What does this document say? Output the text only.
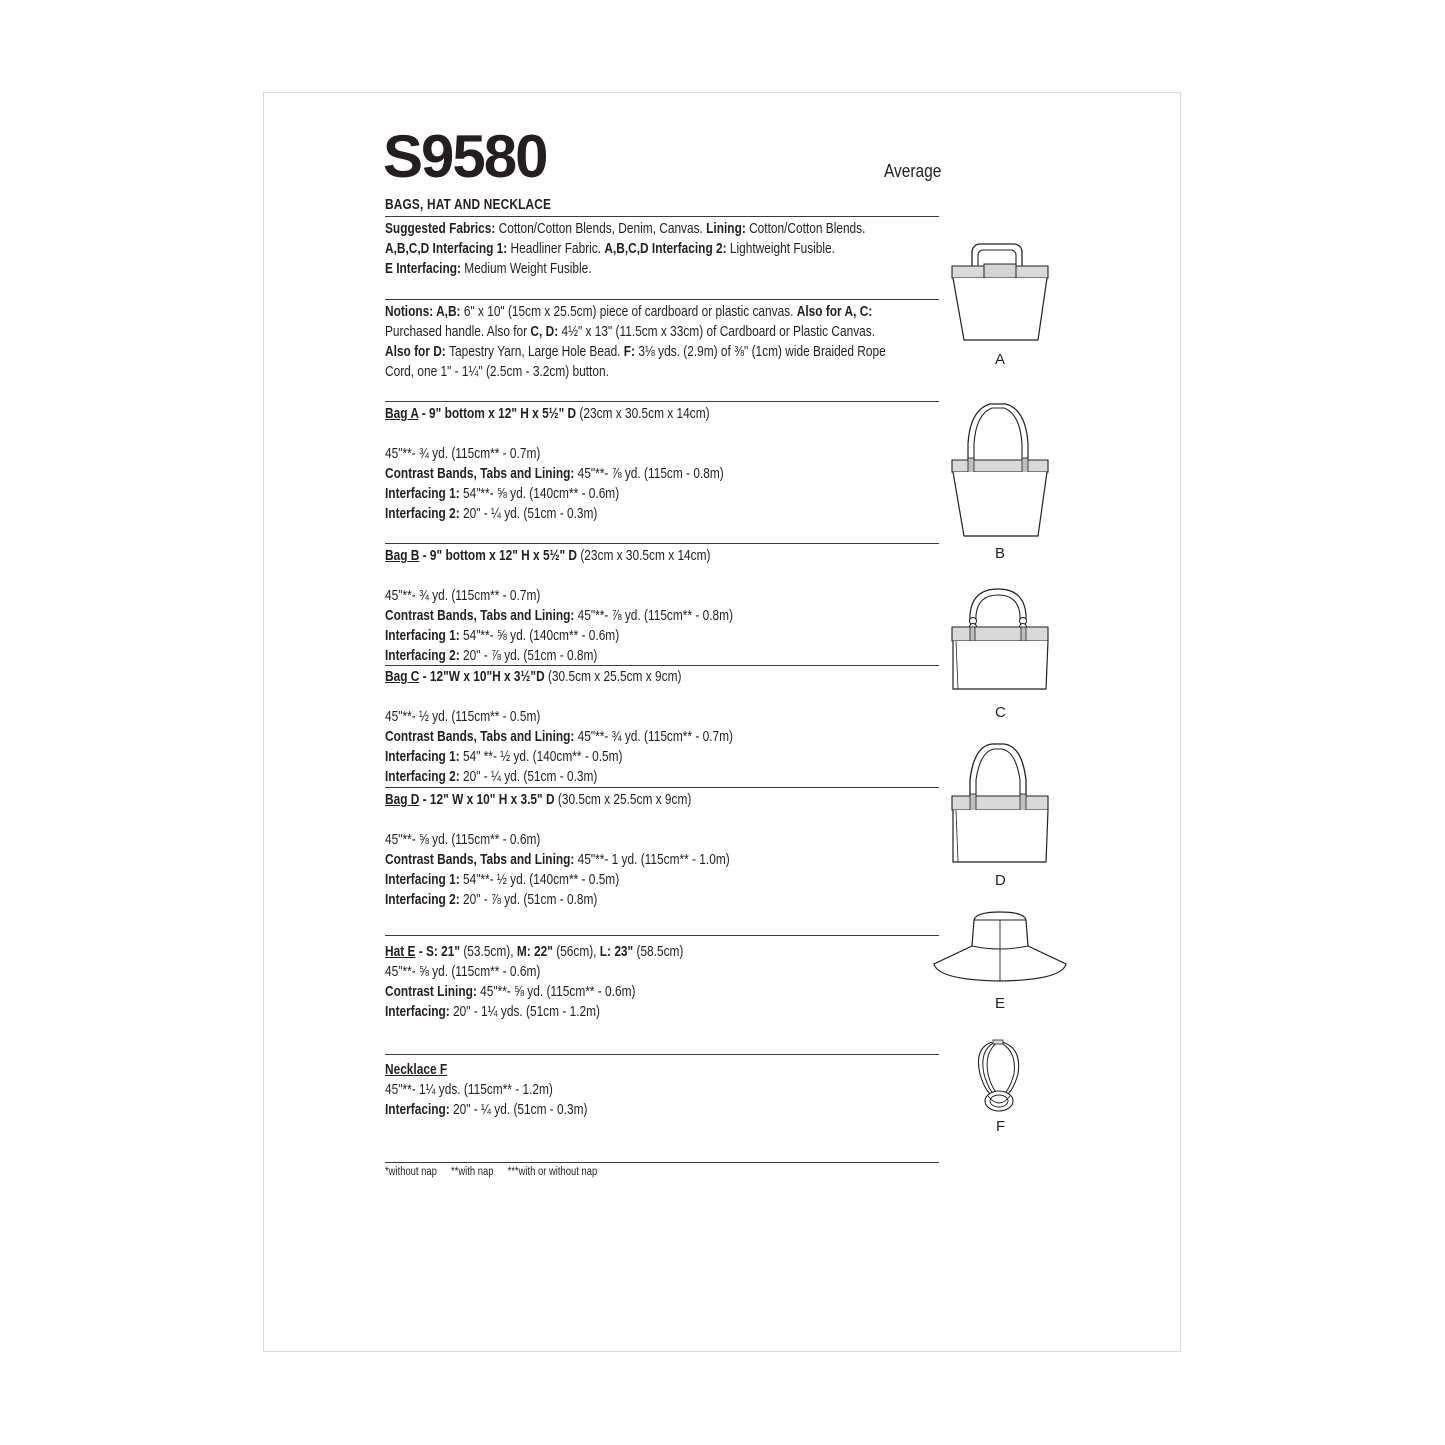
S9580	Average
BAGS, HAT AND NECKLACE
Suggested Fabrics: Cotton/Cotton Blends, Denim, Canvas. Lining: Cotton/Cotton Blends.
A,B,C,D Interfacing 1: Headliner Fabric. A,B,C,D Interfacing 2: Lightweight Fusible.
E Interfacing: Medium Weight Fusible.
Notions: A,B: 6" x 10" (15cm x 25.5cm) piece of cardboard or plastic canvas. Also for A, C:
Purchased handle. Also for C, D: 4½" x 13" (11.5cm x 33cm) of Cardboard or Plastic Canvas.
Also for D: Tapestry Yarn, Large Hole Bead. F: 3⅛ yds. (2.9m) of ⅜" (1cm) wide Braided Rope
Cord, one 1" - 1¼" (2.5cm - 3.2cm) button.
Bag A - 9" bottom x 12" H x 5½" D (23cm x 30.5cm x 14cm)
45"**- ¾ yd. (115cm** - 0.7m)
Contrast Bands, Tabs and Lining: 45"**- ⅞ yd. (115cm - 0.8m)
Interfacing 1: 54"**- ⅝ yd. (140cm** - 0.6m)
Interfacing 2: 20" - ¼ yd. (51cm - 0.3m)
Bag B - 9" bottom x 12" H x 5½" D (23cm x 30.5cm x 14cm)
45"**- ¾ yd. (115cm** - 0.7m)
Contrast Bands, Tabs and Lining: 45"**- ⅞ yd. (115cm** - 0.8m)
Interfacing 1: 54"**- ⅝ yd. (140cm** - 0.6m)
Interfacing 2: 20" - ⅞ yd. (51cm - 0.8m)
Bag C - 12"W x 10"H x 3½"D (30.5cm x 25.5cm x 9cm)
45"**- ½ yd. (115cm** - 0.5m)
Contrast Bands, Tabs and Lining: 45"**- ¾ yd. (115cm** - 0.7m)
Interfacing 1: 54" **- ½ yd. (140cm** - 0.5m)
Interfacing 2: 20" - ¼ yd. (51cm - 0.3m)
Bag D - 12" W x 10" H x 3.5" D (30.5cm x 25.5cm x 9cm)
45"**- ⅝ yd. (115cm** - 0.6m)
Contrast Bands, Tabs and Lining: 45"**- 1 yd. (115cm** - 1.0m)
Interfacing 1: 54"**- ½ yd. (140cm** - 0.5m)
Interfacing 2: 20" - ⅞ yd. (51cm - 0.8m)
Hat E - S: 21" (53.5cm), M: 22" (56cm), L: 23" (58.5cm)
45"**- ⅝ yd. (115cm** - 0.6m)
Contrast Lining: 45"**- ⅝ yd. (115cm** - 0.6m)
Interfacing: 20" - 1¼ yds. (51cm - 1.2m)
Necklace F
45"**- 1¼ yds. (115cm** - 1.2m)
Interfacing: 20" - ¼ yd. (51cm - 0.3m)
*without nap **with nap ***with or without nap
A
B
C
D
E
F
